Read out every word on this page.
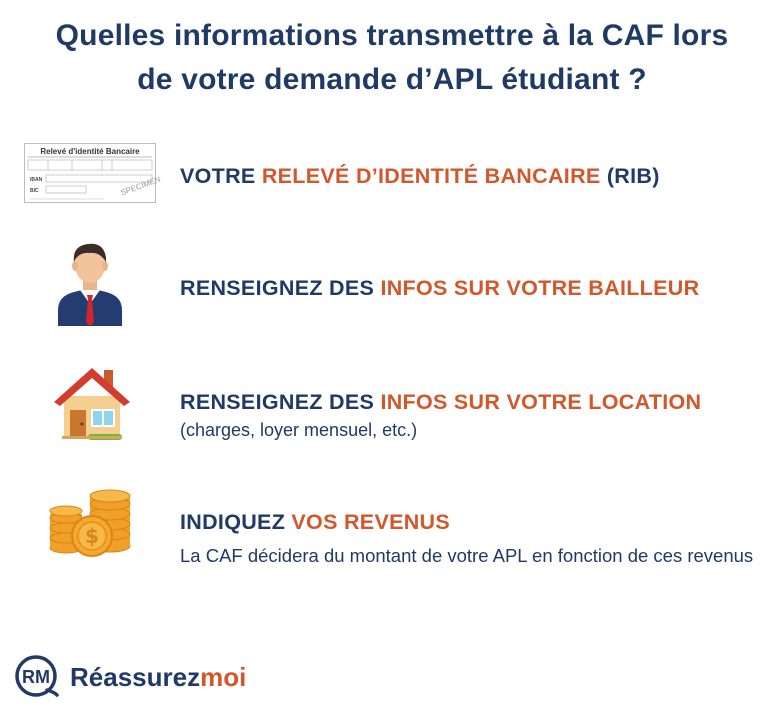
Quelles informations transmettre à la CAF lors
de votre demande d’APL étudiant ?
Relevé d'identité Bancaire
IBAN
BIC	SPECIMEN VOTRE RELEVÉ D’IDENTITÉ BANCAIRE (RIB)
RENSEIGNEZ DES INFOS SUR VOTRE BAILLEUR
RENSEIGNEZ DES INFOS SUR VOTRE LOCATION
(charges, loyer mensuel, etc.)
$
INDIQUEZ VOS REVENUS
La CAF décidera du montant de votre APL en fonction de ces revenus
RM Réassurezmoi
